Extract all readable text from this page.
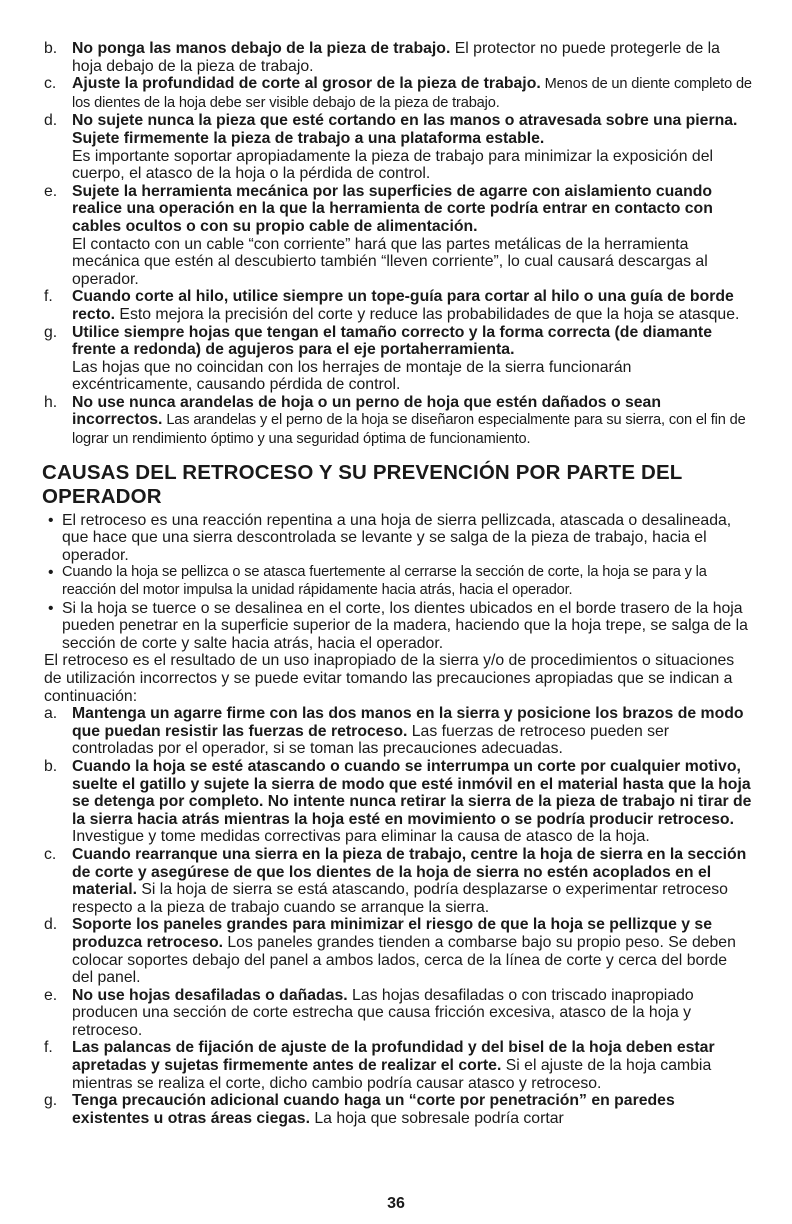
b. No ponga las manos debajo de la pieza de trabajo. El protector no puede protegerle de la hoja debajo de la pieza de trabajo.
c. Ajuste la profundidad de corte al grosor de la pieza de trabajo. Menos de un diente completo de los dientes de la hoja debe ser visible debajo de la pieza de trabajo.
d. No sujete nunca la pieza que esté cortando en las manos o atravesada sobre una pierna. Sujete firmemente la pieza de trabajo a una plataforma estable.
Es importante soportar apropiadamente la pieza de trabajo para minimizar la exposición del cuerpo, el atasco de la hoja o la pérdida de control.
e. Sujete la herramienta mecánica por las superficies de agarre con aislamiento cuando realice una operación en la que la herramienta de corte podría entrar en contacto con cables ocultos o con su propio cable de alimentación.
El contacto con un cable “con corriente” hará que las partes metálicas de la herramienta mecánica que estén al descubierto también “lleven corriente”, lo cual causará descargas al operador.
f.	Cuando corte al hilo, utilice siempre un tope-guía para cortar al hilo o una guía de borde recto. Esto mejora la precisión del corte y reduce las probabilidades de que la hoja se atasque.
g. Utilice siempre hojas que tengan el tamaño correcto y la forma correcta (de diamante frente a redonda) de agujeros para el eje portaherramienta.
Las hojas que no coincidan con los herrajes de montaje de la sierra funcionarán excéntricamente, causando pérdida de control.
h. No use nunca arandelas de hoja o un perno de hoja que estén dañados o sean incorrectos. Las arandelas y el perno de la hoja se diseñaron especialmente para su sierra, con el fin de lograr un rendimiento óptimo y una seguridad óptima de funcionamiento.
CAUSAS DEL RETROCESO Y SU PREVENCIÓN POR PARTE DEL OPERADOR
• El retroceso es una reacción repentina a una hoja de sierra pellizcada, atascada o desalineada, que hace que una sierra descontrolada se levante y se salga de la pieza de trabajo, hacia el operador.
• Cuando la hoja se pellizca o se atasca fuertemente al cerrarse la sección de corte, la hoja se para y la reacción del motor impulsa la unidad rápidamente hacia atrás, hacia el operador.
• Si la hoja se tuerce o se desalinea en el corte, los dientes ubicados en el borde trasero de la hoja pueden penetrar en la superficie superior de la madera, haciendo que la hoja trepe, se salga de la sección de corte y salte hacia atrás, hacia el operador.

El retroceso es el resultado de un uso inapropiado de la sierra y/o de procedimientos o situaciones de utilización incorrectos y se puede evitar tomando las precauciones apropiadas que se indican a continuación:

a. Mantenga un agarre firme con las dos manos en la sierra y posicione los brazos de modo que puedan resistir las fuerzas de retroceso. Las fuerzas de retroceso pueden ser controladas por el operador, si se toman las precauciones adecuadas.
b. Cuando la hoja se esté atascando o cuando se interrumpa un corte por cualquier motivo, suelte el gatillo y sujete la sierra de modo que esté inmóvil en el material hasta que la hoja se detenga por completo. No intente nunca retirar la sierra de la pieza de trabajo ni tirar de la sierra hacia atrás mientras la hoja esté en movimiento o se podría producir retroceso. Investigue y tome medidas correctivas para eliminar la causa de atasco de la hoja.
c. Cuando rearranque una sierra en la pieza de trabajo, centre la hoja de sierra en la sección de corte y asegúrese de que los dientes de la hoja de sierra no estén acoplados en el material. Si la hoja de sierra se está atascando, podría desplazarse o experimentar retroceso respecto a la pieza de trabajo cuando se arranque la sierra.
d. Soporte los paneles grandes para minimizar el riesgo de que la hoja se pellizque y se produzca retroceso. Los paneles grandes tienden a combarse bajo su propio peso. Se deben colocar soportes debajo del panel a ambos lados, cerca de la línea de corte y cerca del borde del panel.
e. No use hojas desafiladas o dañadas. Las hojas desafiladas o con triscado inapropiado producen una sección de corte estrecha que causa fricción excesiva, atasco de la hoja y retroceso.
f.	Las palancas de fijación de ajuste de la profundidad y del bisel de la hoja deben estar apretadas y sujetas firmemente antes de realizar el corte. Si el ajuste de la hoja cambia mientras se realiza el corte, dicho cambio podría causar atasco y retroceso.
g. Tenga precaución adicional cuando haga un “corte por penetración” en paredes existentes u otras áreas ciegas. La hoja que sobresale podría cortar
36
